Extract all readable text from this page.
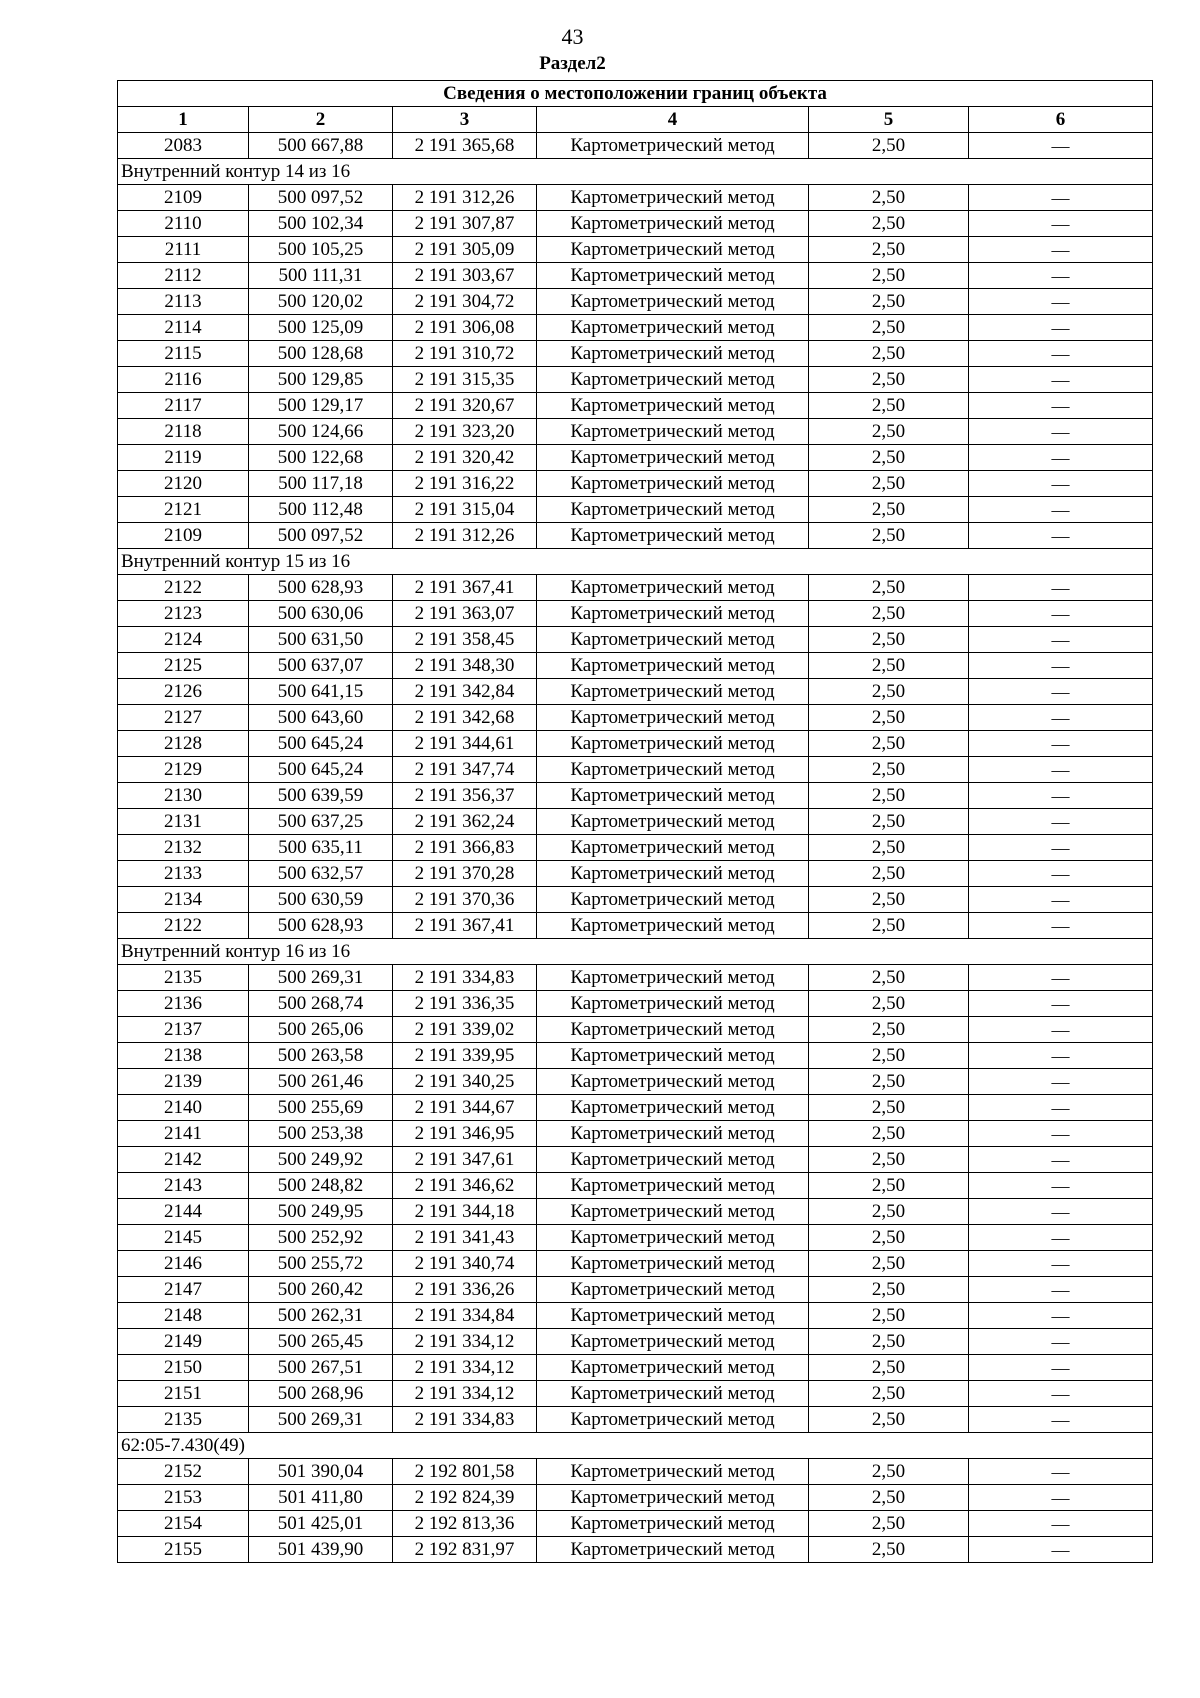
43
Раздел2
Сведения о местоположении границ объекта					
1	2	3	4	5	6
2083	500 667,88	2 191 365,68	Картометрический метод	2,50	—
Внутренний контур 14 из 16					
2109	500 097,52	2 191 312,26	Картометрический метод	2,50	—
2110	500 102,34	2 191 307,87	Картометрический метод	2,50	—
2111	500 105,25	2 191 305,09	Картометрический метод	2,50	—
2112	500 111,31	2 191 303,67	Картометрический метод	2,50	—
2113	500 120,02	2 191 304,72	Картометрический метод	2,50	—
2114	500 125,09	2 191 306,08	Картометрический метод	2,50	—
2115	500 128,68	2 191 310,72	Картометрический метод	2,50	—
2116	500 129,85	2 191 315,35	Картометрический метод	2,50	—
2117	500 129,17	2 191 320,67	Картометрический метод	2,50	—
2118	500 124,66	2 191 323,20	Картометрический метод	2,50	—
2119	500 122,68	2 191 320,42	Картометрический метод	2,50	—
2120	500 117,18	2 191 316,22	Картометрический метод	2,50	—
2121	500 112,48	2 191 315,04	Картометрический метод	2,50	—
2109	500 097,52	2 191 312,26	Картометрический метод	2,50	—
Внутренний контур 15 из 16					
2122	500 628,93	2 191 367,41	Картометрический метод	2,50	—
2123	500 630,06	2 191 363,07	Картометрический метод	2,50	—
2124	500 631,50	2 191 358,45	Картометрический метод	2,50	—
2125	500 637,07	2 191 348,30	Картометрический метод	2,50	—
2126	500 641,15	2 191 342,84	Картометрический метод	2,50	—
2127	500 643,60	2 191 342,68	Картометрический метод	2,50	—
2128	500 645,24	2 191 344,61	Картометрический метод	2,50	—
2129	500 645,24	2 191 347,74	Картометрический метод	2,50	—
2130	500 639,59	2 191 356,37	Картометрический метод	2,50	—
2131	500 637,25	2 191 362,24	Картометрический метод	2,50	—
2132	500 635,11	2 191 366,83	Картометрический метод	2,50	—
2133	500 632,57	2 191 370,28	Картометрический метод	2,50	—
2134	500 630,59	2 191 370,36	Картометрический метод	2,50	—
2122	500 628,93	2 191 367,41	Картометрический метод	2,50	—
Внутренний контур 16 из 16					
2135	500 269,31	2 191 334,83	Картометрический метод	2,50	—
2136	500 268,74	2 191 336,35	Картометрический метод	2,50	—
2137	500 265,06	2 191 339,02	Картометрический метод	2,50	—
2138	500 263,58	2 191 339,95	Картометрический метод	2,50	—
2139	500 261,46	2 191 340,25	Картометрический метод	2,50	—
2140	500 255,69	2 191 344,67	Картометрический метод	2,50	—
2141	500 253,38	2 191 346,95	Картометрический метод	2,50	—
2142	500 249,92	2 191 347,61	Картометрический метод	2,50	—
2143	500 248,82	2 191 346,62	Картометрический метод	2,50	—
2144	500 249,95	2 191 344,18	Картометрический метод	2,50	—
2145	500 252,92	2 191 341,43	Картометрический метод	2,50	—
2146	500 255,72	2 191 340,74	Картометрический метод	2,50	—
2147	500 260,42	2 191 336,26	Картометрический метод	2,50	—
2148	500 262,31	2 191 334,84	Картометрический метод	2,50	—
2149	500 265,45	2 191 334,12	Картометрический метод	2,50	—
2150	500 267,51	2 191 334,12	Картометрический метод	2,50	—
2151	500 268,96	2 191 334,12	Картометрический метод	2,50	—
2135	500 269,31	2 191 334,83	Картометрический метод	2,50	—
62:05-7.430(49)					
2152	501 390,04	2 192 801,58	Картометрический метод	2,50	—
2153	501 411,80	2 192 824,39	Картометрический метод	2,50	—
2154	501 425,01	2 192 813,36	Картометрический метод	2,50	—
2155	501 439,90	2 192 831,97	Картометрический метод	2,50	—
